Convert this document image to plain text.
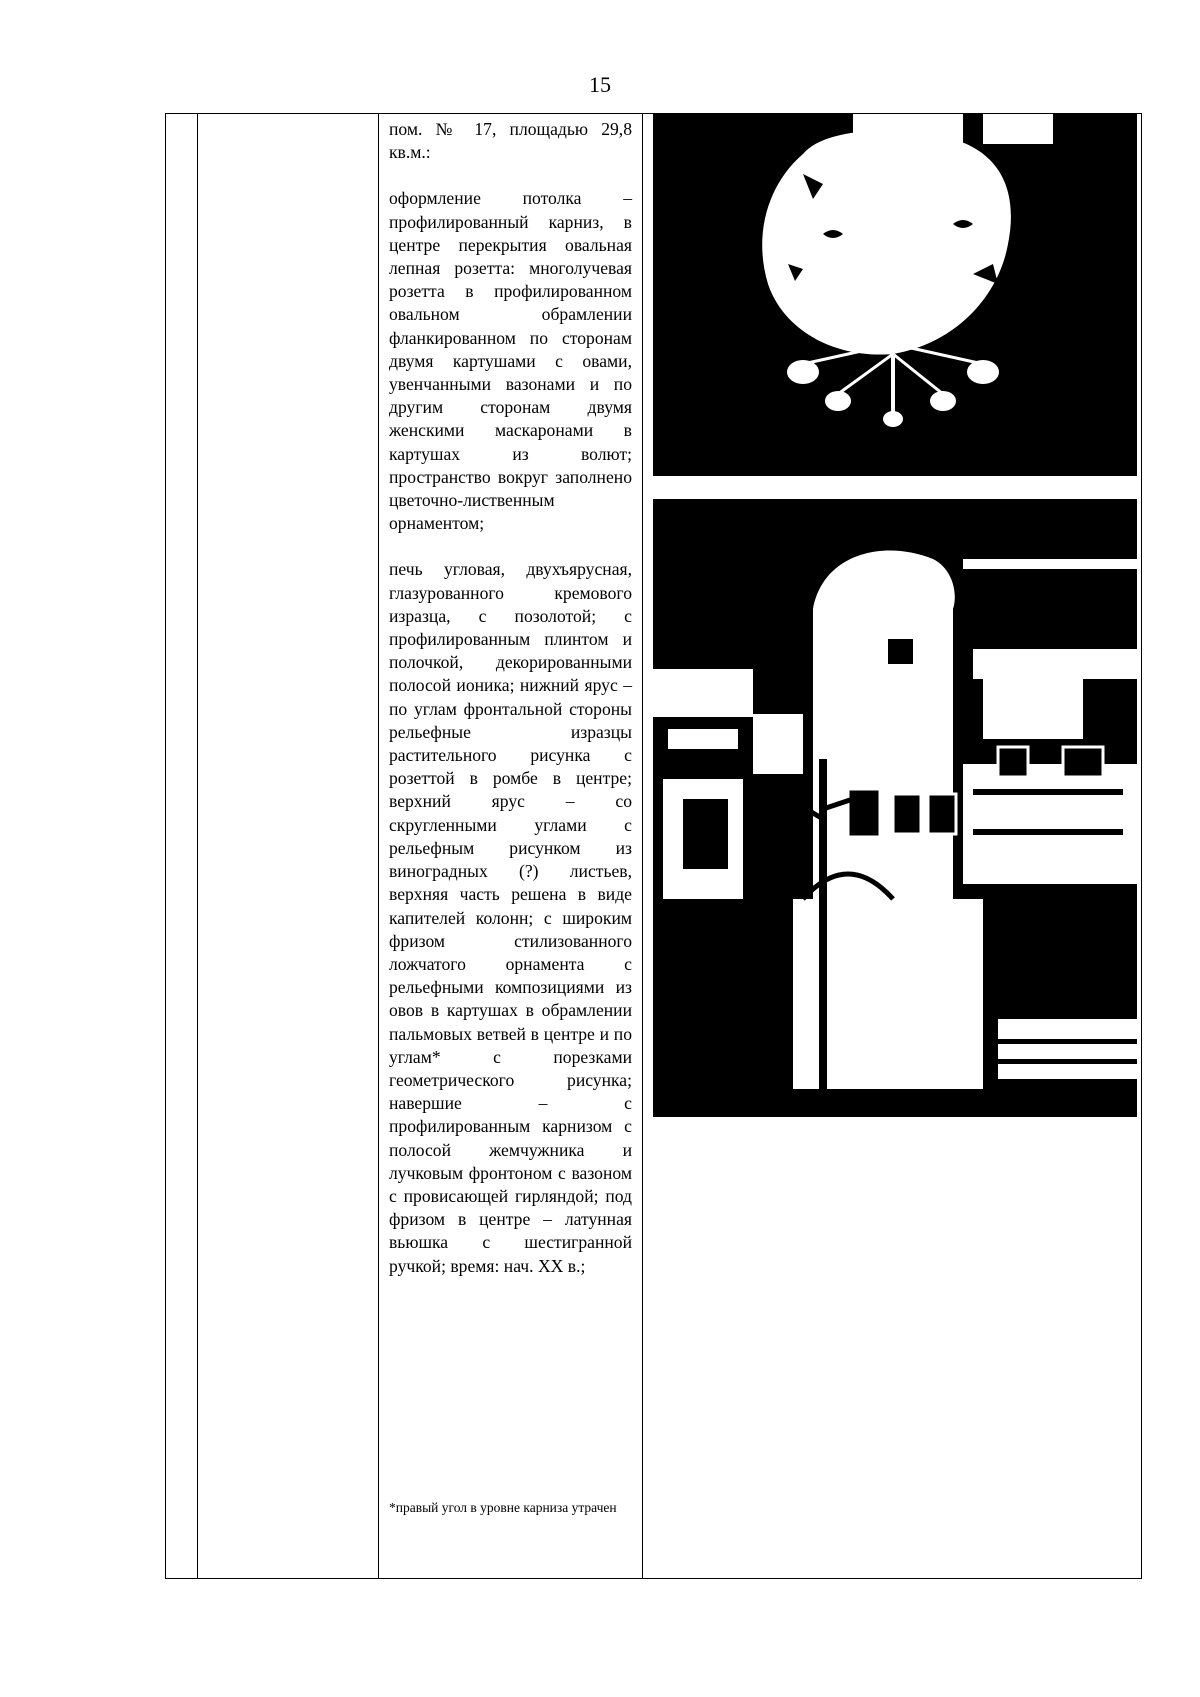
15

пом. № 17, площадью 29,8 кв.м.:

оформление потолка – профилированный карниз, в центре перекрытия овальная лепная розетта: многолучевая розетта в профилированном овальном обрамлении фланкированном по сторонам двумя картушами с овами, увенчанными вазонами и по другим сторонам двумя женскими маскаронами в картушах из волют; пространство вокруг заполнено цветочно-лиственным орнаментом;

печь угловая, двухъярусная, глазурованного кремового изразца, с позолотой; с профилированным плинтом и полочкой, декорированными полосой ионика; нижний ярус – по углам фронтальной стороны рельефные изразцы растительного рисунка с розеттой в ромбе в центре; верхний ярус – со скругленными углами с рельефным рисунком из виноградных (?) листьев, верхняя часть решена в виде капителей колонн; с широким фризом стилизованного ложчатого орнамента с рельефными композициями из овов в картушах в обрамлении пальмовых ветвей в центре и по углам* с порезками геометрического рисунка; навершие – с профилированным карнизом с полосой жемчужника и лучковым фронтоном с вазоном с провисающей гирляндой; под фризом в центре – латунная вьюшка с шестигранной ручкой; время: нач. XX в.;

*правый угол в уровне карниза утрачен
